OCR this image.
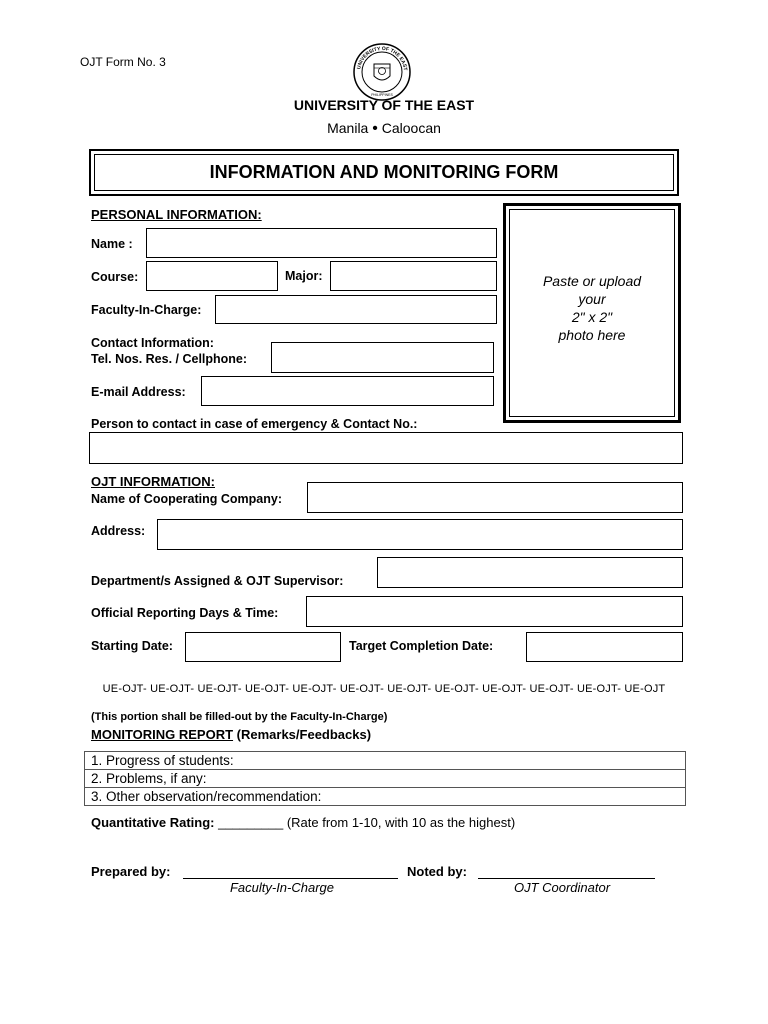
OJT Form No. 3	UNIVERSITY OF THE EAST
PHILIPPINES
UNIVERSITY OF THE EAST
Manila • Caloocan
INFORMATION AND MONITORING FORM
PERSONAL INFORMATION:
Name :
Course:	Major:
Faculty-In-Charge:
Contact Information:
Tel. Nos. Res. / Cellphone:
E-mail Address:
Paste or upload
your
2" x 2"
photo here
Person to contact in case of emergency & Contact No.:
OJT INFORMATION:
Name of Cooperating Company:
Address:
Department/s Assigned & OJT Supervisor:
Official Reporting Days & Time:
Starting Date:	Target Completion Date:
UE-OJT- UE-OJT- UE-OJT- UE-OJT- UE-OJT- UE-OJT- UE-OJT- UE-OJT- UE-OJT- UE-OJT- UE-OJT- UE-OJT
(This portion shall be filled-out by the Faculty-In-Charge)
MONITORING REPORT (Remarks/Feedbacks)
1. Progress of students:
2. Problems, if any:
3. Other observation/recommendation:
Quantitative Rating: _________ (Rate from 1-10, with 10 as the highest)
Prepared by:
Faculty-In-Charge
Noted by:
OJT Coordinator
